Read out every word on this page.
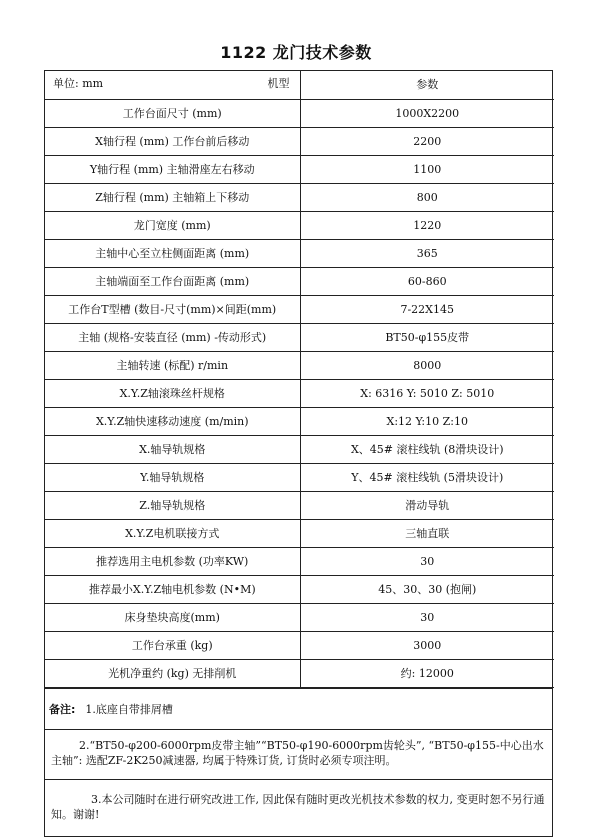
1122 龙门技术参数
单位: mm 机型	参数
工作台面尺寸 (mm)	1000X2200
X轴行程 (mm) 工作台前后移动	2200
Y轴行程 (mm) 主轴滑座左右移动	1100
Z轴行程 (mm) 主轴箱上下移动	800
龙门宽度 (mm)	1220
主轴中心至立柱侧面距离 (mm)	365
主轴端面至工作台面距离 (mm)	60-860
工作台T型槽 (数目-尺寸(mm)×间距(mm)	7-22X145
主轴 (规格-安装直径 (mm) -传动形式)	BT50-φ155皮带
主轴转速 (标配) r/min	8000
X.Y.Z轴滚珠丝杆规格	X: 6316 Y: 5010 Z: 5010
X.Y.Z轴快速移动速度 (m/min)	X:12 Y:10 Z:10
X.轴导轨规格	X、45# 滚柱线轨 (8滑块设计)
Y.轴导轨规格	Y、45# 滚柱线轨 (5滑块设计)
Z.轴导轨规格	滑动导轨
X.Y.Z电机联接方式	三轴直联
推荐选用主电机参数 (功率KW)	30
推荐最小X.Y.Z轴电机参数 (N•M)	45、30、30 (抱闸)
床身垫块高度(mm)	30
工作台承重 (kg)	3000
光机净重约 (kg) 无排削机	约: 12000
备注: 1.底座自带排屑槽
2.“BT50-φ200-6000rpm皮带主轴”“BT50-φ190-6000rpm齿轮头”, “BT50-φ155-中心出水主轴”: 选配ZF-2K250减速器, 均属于特殊订货, 订货时必须专项注明。
3.本公司随时在进行研究改进工作, 因此保有随时更改光机技术参数的权力, 变更时恕不另行通知。谢谢!
